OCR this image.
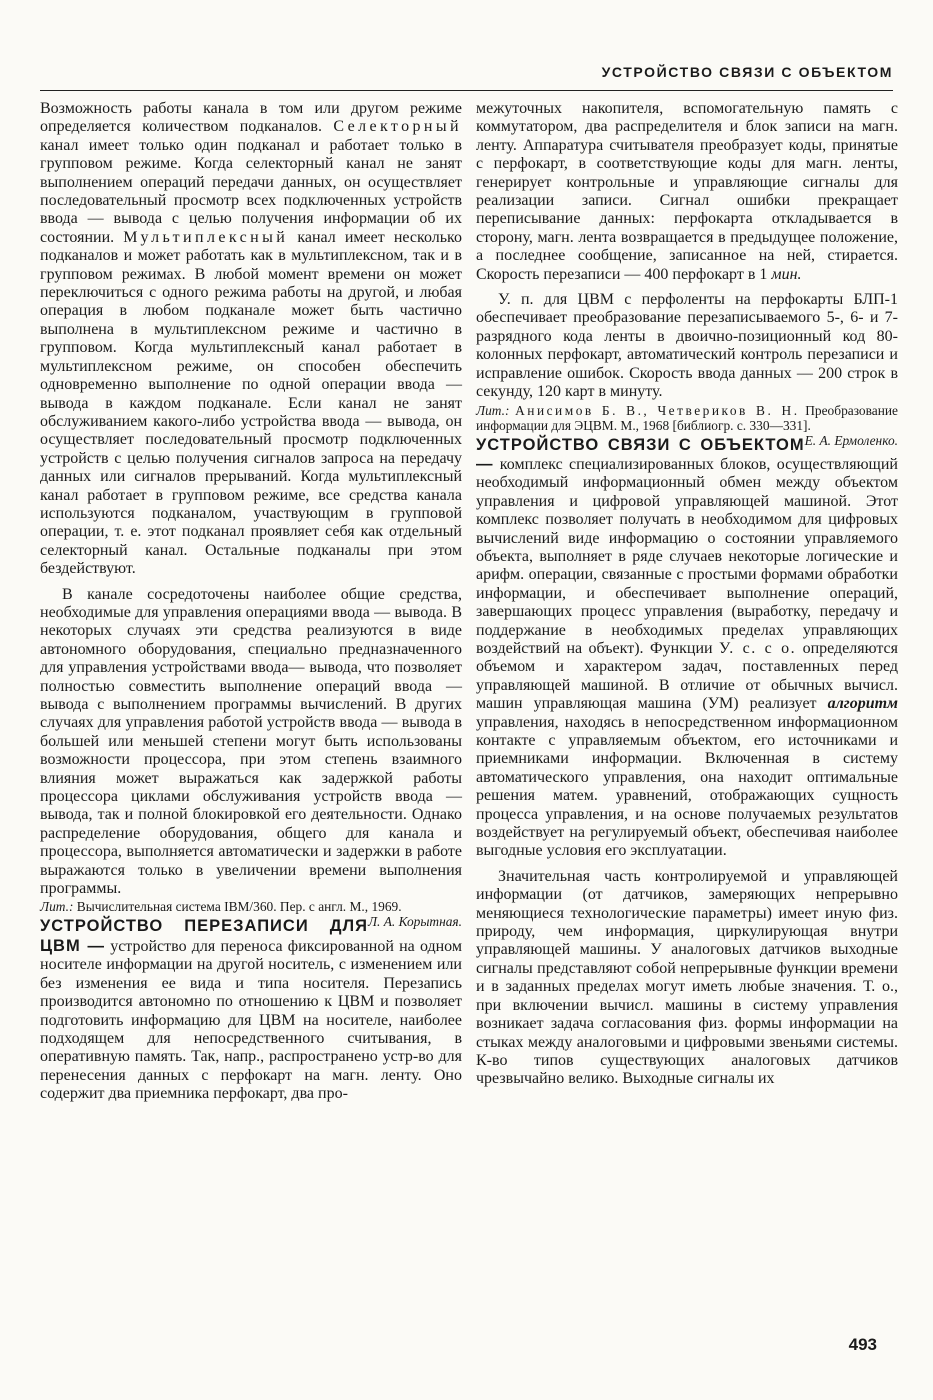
УСТРОЙСТВО СВЯЗИ С ОБЪЕКТОМ

Возможность работы канала в том или другом режиме определяется количеством подканалов. Селекторный канал имеет только один подканал и работает только в групповом режиме. Когда селекторный канал не занят выполнением операций передачи данных, он осуществляет последовательный просмотр всех подключенных устройств ввода — вывода с целью получения информации об их состоянии. Мультиплексный канал имеет несколько подканалов и может работать как в мультиплексном, так и в групповом режимах. В любой момент времени он может переключиться с одного режима работы на другой, и любая операция в любом подканале может быть частично выполнена в мультиплексном режиме и частично в групповом. Когда мультиплексный канал работает в мультиплексном режиме, он способен обеспечить одновременно выполнение по одной операции ввода — вывода в каждом подканале. Если канал не занят обслуживанием какого-либо устройства ввода — вывода, он осуществляет последовательный просмотр подключенных устройств с целью получения сигналов запроса на передачу данных или сигналов прерываний. Когда мультиплексный канал работает в групповом режиме, все средства канала используются подканалом, участвующим в групповой операции, т. е. этот подканал проявляет себя как отдельный селекторный канал. Остальные подканалы при этом бездействуют.

В канале сосредоточены наиболее общие средства, необходимые для управления операциями ввода — вывода. В некоторых случаях эти средства реализуются в виде автономного оборудования, специально предназначенного для управления устройствами ввода— вывода, что позволяет полностью совместить выполнение операций ввода — вывода с выполнением программы вычислений. В других случаях для управления работой устройств ввода — вывода в большей или меньшей степени могут быть использованы возможности процессора, при этом степень взаимного влияния может выражаться как задержкой работы процессора циклами обслуживания устройств ввода — вывода, так и полной блокировкой его деятельности. Однако распределение оборудования, общего для канала и процессора, выполняется автоматически и задержки в работе выражаются только в увеличении времени выполнения программы.

Лит.: Вычислительная система IBM/360. Пер. с англ. М., 1969.
Л. А. Корытная.

УСТРОЙСТВО ПЕРЕЗАПИСИ ДЛЯ ЦВМ — устройство для переноса фиксированной на одном носителе информации на другой носитель, с изменением или без изменения ее вида и типа носителя. Перезапись производится автономно по отношению к ЦВМ и позволяет подготовить информацию для ЦВМ на носителе, наиболее подходящем для непосредственного считывания, в оперативную память. Так, напр., распространено устр-во для перенесения данных с перфокарт на магн. ленту. Оно содержит два приемника перфокарт, два про-

межуточных накопителя, вспомогательную память с коммутатором, два распределителя и блок записи на магн. ленту. Аппаратура считывателя преобразует коды, принятые с перфокарт, в соответствующие коды для магн. ленты, генерирует контрольные и управляющие сигналы для реализации записи. Сигнал ошибки прекращает переписывание данных: перфокарта откладывается в сторону, магн. лента возвращается в предыдущее положение, а последнее сообщение, записанное на ней, стирается. Скорость перезаписи — 400 перфокарт в 1 мин.

У. п. для ЦВМ с перфоленты на перфокарты БЛП-1 обеспечивает преобразование перезаписываемого 5-, 6- и 7-разрядного кода ленты в двоично-позиционный код 80-колонных перфокарт, автоматический контроль перезаписи и исправление ошибок. Скорость ввода данных — 200 строк в секунду, 120 карт в минуту.

Лит.: Анисимов Б. В., Четвериков В. Н. Преобразование информации для ЭЦВМ. М., 1968 [библиогр. с. 330—331].
Е. А. Ермоленко.

УСТРОЙСТВО СВЯЗИ С ОБЪЕКТОМ — комплекс специализированных блоков, осуществляющий необходимый информационный обмен между объектом управления и цифровой управляющей машиной. Этот комплекс позволяет получать в необходимом для цифровых вычислений виде информацию о состоянии управляемого объекта, выполняет в ряде случаев некоторые логические и арифм. операции, связанные с простыми формами обработки информации, и обеспечивает выполнение операций, завершающих процесс управления (выработку, передачу и поддержание в необходимых пределах управляющих воздействий на объект). Функции У. с. с о. определяются объемом и характером задач, поставленных перед управляющей машиной. В отличие от обычных вычисл. машин управляющая машина (УМ) реализует алгоритм управления, находясь в непосредственном информационном контакте с управляемым объектом, его источниками и приемниками информации. Включенная в систему автоматического управления, она находит оптимальные решения матем. уравнений, отображающих сущность процесса управления, и на основе получаемых результатов воздействует на регулируемый объект, обеспечивая наиболее выгодные условия его эксплуатации.

Значительная часть контролируемой и управляющей информации (от датчиков, замеряющих непрерывно меняющиеся технологические параметры) имеет иную физ. природу, чем информация, циркулирующая внутри управляющей машины. У аналоговых датчиков выходные сигналы представляют собой непрерывные функции времени и в заданных пределах могут иметь любые значения. Т. о., при включении вычисл. машины в систему управления возникает задача согласования физ. формы информации на стыках между аналоговыми и цифровыми звеньями системы. К-во типов существующих аналоговых датчиков чрезвычайно велико. Выходные сигналы их

493
